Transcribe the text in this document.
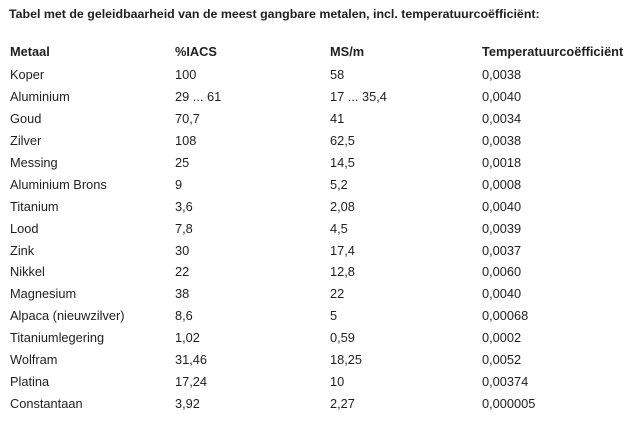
Tabel met de geleidbaarheid van de meest gangbare metalen, incl. temperatuurcoëfficiënt:
Metaal	%IACS	MS/m	Temperatuurcoëfficiënt
Koper	100	58	0,0038
Aluminium	29 ... 61	17 ... 35,4	0,0040
Goud	70,7	41	0,0034
Zilver	108	62,5	0,0038
Messing	25	14,5	0,0018
Aluminium Brons	9	5,2	0,0008
Titanium	3,6	2,08	0,0040
Lood	7,8	4,5	0,0039
Zink	30	17,4	0,0037
Nikkel	22	12,8	0,0060
Magnesium	38	22	0,0040
Alpaca (nieuwzilver)	8,6	5	0,00068
Titaniumlegering	1,02	0,59	0,0002
Wolfram	31,46	18,25	0,0052
Platina	17,24	10	0,00374
Constantaan	3,92	2,27	0,000005
